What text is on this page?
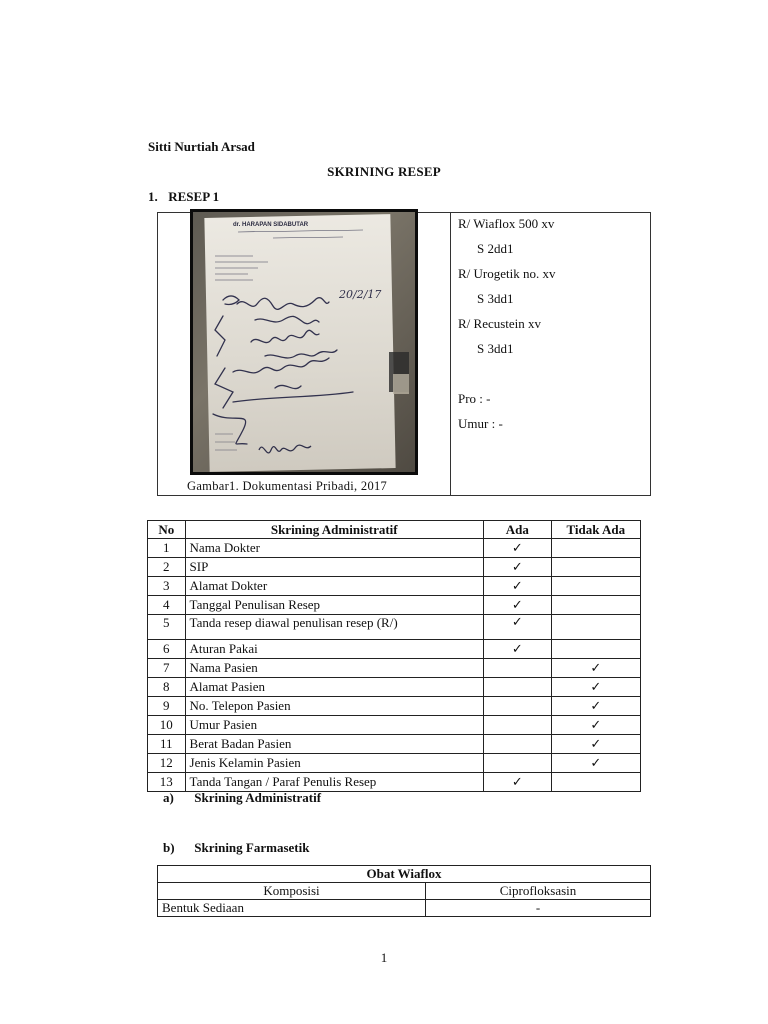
Sitti Nurtiah Arsad
SKRINING RESEP
1. RESEP 1
dr. HARAPAN SIDABUTAR
20/2/17
Gambar1. Dokumentasi Pribadi, 2017
R/ Wiaflox 500 xv
S 2dd1
R/ Urogetik no. xv
S 3dd1
R/ Recustein xv
S 3dd1
Pro : -
Umur : -
No	Skrining Administratif	Ada	Tidak Ada
1	Nama Dokter	✓	
2	SIP	✓	
3	Alamat Dokter	✓	
4	Tanggal Penulisan Resep	✓	
5	Tanda resep diawal penulisan resep (R/)	✓	
6	Aturan Pakai	✓	
7	Nama Pasien		✓
8	Alamat Pasien		✓
9	No. Telepon Pasien		✓
10	Umur Pasien		✓
11	Berat Badan Pasien		✓
12	Jenis Kelamin Pasien		✓
13	Tanda Tangan / Paraf Penulis Resep	✓	
a) Skrining Administratif
b) Skrining Farmasetik
Obat Wiaflox	
Komposisi	Ciprofloksasin
Bentuk Sediaan	-
1
